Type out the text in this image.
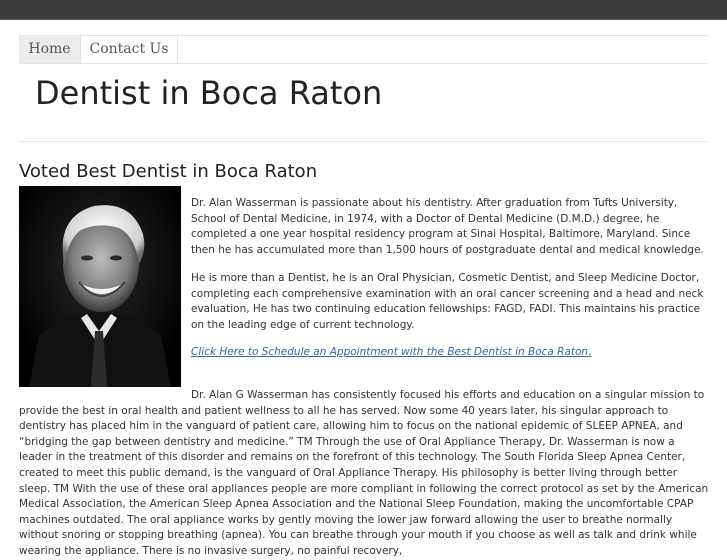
Home	Contact Us
Dentist in Boca Raton
Voted Best Dentist in Boca Raton

Dr. Alan Wasserman is passionate about his dentistry. After graduation from Tufts University, School of Dental Medicine, in 1974, with a Doctor of Dental Medicine (D.M.D.) degree, he completed a one year hospital residency program at Sinai Hospital, Baltimore, Maryland. Since then he has accumulated more than 1,500 hours of postgraduate dental and medical knowledge.

He is more than a Dentist, he is an Oral Physician, Cosmetic Dentist, and Sleep Medicine Doctor, completing each comprehensive examination with an oral cancer screening and a head and neck evaluation, He has two continuing education fellowships: FAGD, FADI. This maintains his practice on the leading edge of current technology.

Click Here to Schedule an Appointment with the Best Dentist in Boca Raton.

Dr. Alan G Wasserman has consistently focused his efforts and education on a singular mission to provide the best in oral health and patient wellness to all he has served. Now some 40 years later, his singular approach to dentistry has placed him in the vanguard of patient care, allowing him to focus on the national epidemic of SLEEP APNEA, and “bridging the gap between dentistry and medicine.” TM Through the use of Oral Appliance Therapy, Dr. Wasserman is now a leader in the treatment of this disorder and remains on the forefront of this technology. The South Florida Sleep Apnea Center, created to meet this public demand, is the vanguard of Oral Appliance Therapy. His philosophy is better living through better sleep. TM With the use of these oral appliances people are more compliant in following the correct protocol as set by the American Medical Association, the American Sleep Apnea Association and the National Sleep Foundation, making the uncomfortable CPAP machines outdated. The oral appliance works by gently moving the lower jaw forward allowing the user to breathe normally without snoring or stopping breathing (apnea). You can breathe through your mouth if you choose as well as talk and drink while wearing the appliance. There is no invasive surgery, no painful recovery,
